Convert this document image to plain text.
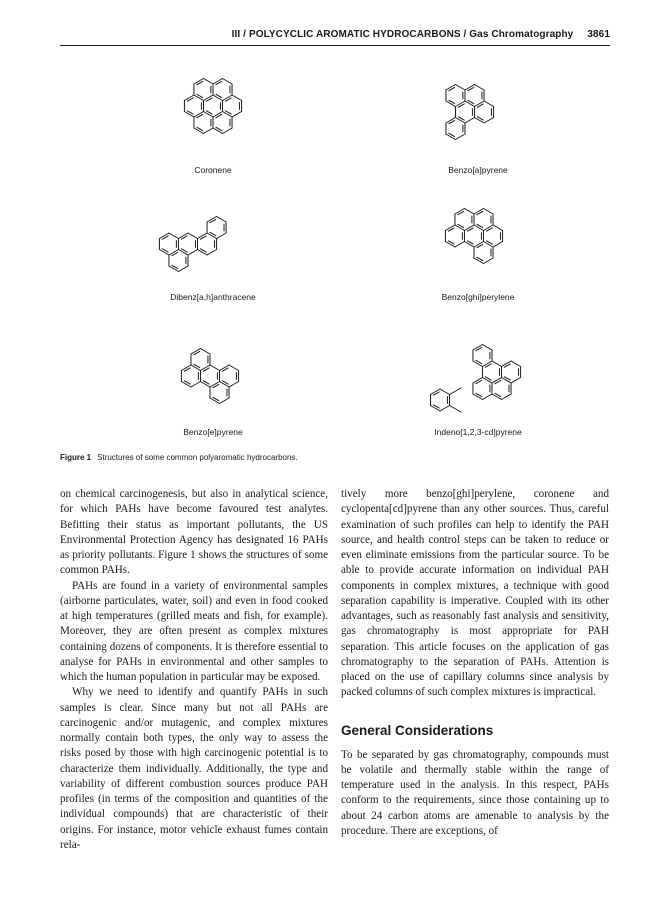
III / POLYCYCLIC AROMATIC HYDROCARBONS / Gas Chromatography 3861
Coronene	Benzo[a]pyrene
Dibenz[a,h]anthracene	Benzo[ghi]perylene
Benzo[e]pyrene	Indeno[1,2,3-cd]pyrene
Figure 1 Structures of some common polyaromatic hydrocarbons.

on chemical carcinogenesis, but also in analytical science, for which PAHs have become favoured test analytes. Befitting their status as important pollutants, the US Environmental Protection Agency has designated 16 PAHs as priority pollutants. Figure 1 shows the structures of some common PAHs.

PAHs are found in a variety of environmental samples (airborne particulates, water, soil) and even in food cooked at high temperatures (grilled meats and fish, for example). Moreover, they are often present as complex mixtures containing dozens of components. It is therefore essential to analyse for PAHs in environmental and other samples to which the human population in particular may be exposed.

Why we need to identify and quantify PAHs in such samples is clear. Since many but not all PAHs are carcinogenic and/or mutagenic, and complex mixtures normally contain both types, the only way to assess the risks posed by those with high carcinogenic potential is to characterize them individually. Additionally, the type and variability of different combustion sources produce PAH profiles (in terms of the composition and quantities of the individual compounds) that are characteristic of their origins. For instance, motor vehicle exhaust fumes contain rela-

tively more benzo[ghi]perylene, coronene and cyclopenta[cd]pyrene than any other sources. Thus, careful examination of such profiles can help to identify the PAH source, and health control steps can be taken to reduce or even eliminate emissions from the particular source. To be able to provide accurate information on individual PAH components in complex mixtures, a technique with good separation capability is imperative. Coupled with its other advantages, such as reasonably fast analysis and sensitivity, gas chromatography is most appropriate for PAH separation. This article focuses on the application of gas chromatography to the separation of PAHs. Attention is placed on the use of capillary columns since analysis by packed columns of such complex mixtures is impractical.

General Considerations

To be separated by gas chromatography, compounds must be volatile and thermally stable within the range of temperature used in the analysis. In this respect, PAHs conform to the requirements, since those containing up to about 24 carbon atoms are amenable to analysis by the procedure. There are exceptions, of
